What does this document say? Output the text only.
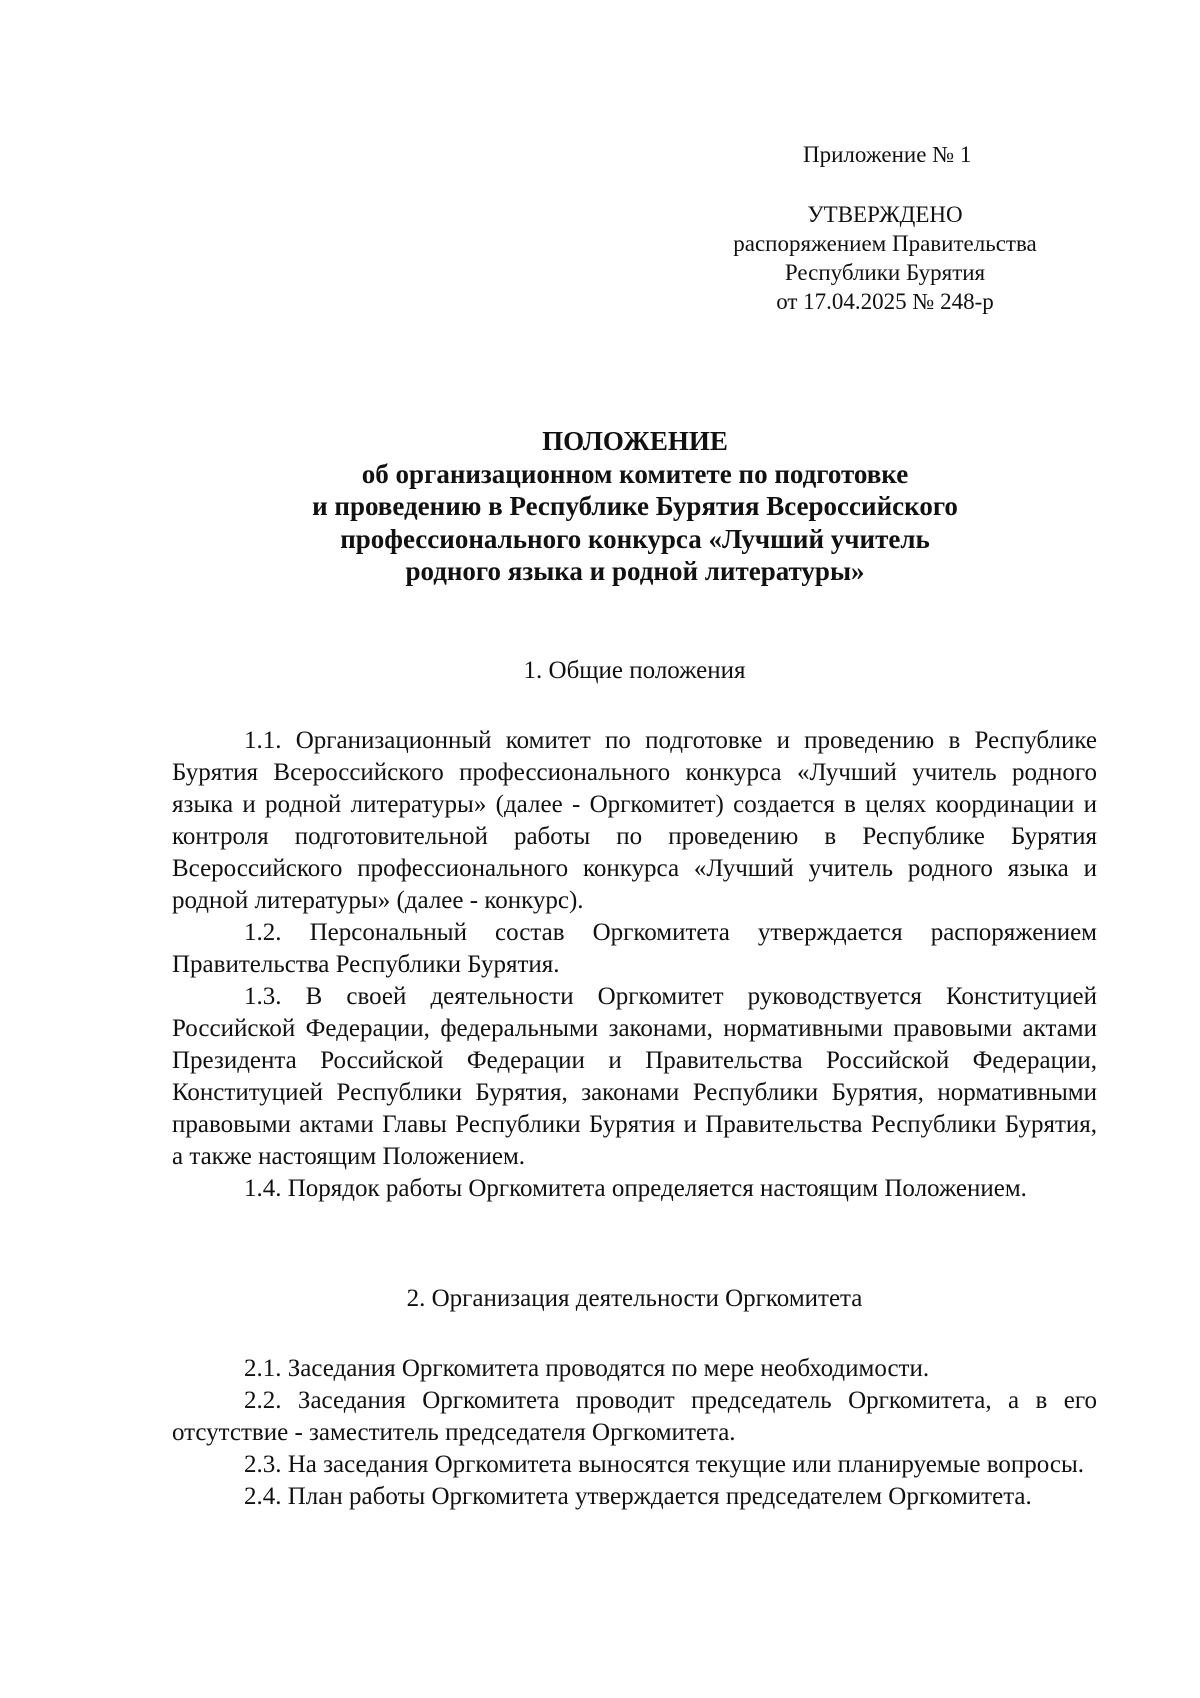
Приложение № 1
УТВЕРЖДЕНО
распоряжением Правительства
Республики Бурятия
от 17.04.2025 № 248-р
ПОЛОЖЕНИЕ
об организационном комитете по подготовке
и проведению в Республике Бурятия Всероссийского
профессионального конкурса «Лучший учитель
родного языка и родной литературы»
1. Общие положения

1.1. Организационный комитет по подготовке и проведению в Республике Бурятия Всероссийского профессионального конкурса «Лучший учитель родного языка и родной литературы» (далее - Оргкомитет) создается в целях координации и контроля подготовительной работы по проведению в Республике Бурятия Всероссийского профессионального конкурса «Лучший учитель родного языка и родной литературы» (далее - конкурс).

1.2. Персональный состав Оргкомитета утверждается распоряжением Правительства Республики Бурятия.

1.3. В своей деятельности Оргкомитет руководствуется Конституцией Российской Федерации, федеральными законами, нормативными правовыми актами Президента Российской Федерации и Правительства Российской Федерации, Конституцией Республики Бурятия, законами Республики Бурятия, нормативными правовыми актами Главы Республики Бурятия и Правительства Республики Бурятия, а также настоящим Положением.

1.4. Порядок работы Оргкомитета определяется настоящим Положением.

2. Организация деятельности Оргкомитета

2.1. Заседания Оргкомитета проводятся по мере необходимости.

2.2. Заседания Оргкомитета проводит председатель Оргкомитета, а в его отсутствие - заместитель председателя Оргкомитета.

2.3. На заседания Оргкомитета выносятся текущие или планируемые вопросы.

2.4. План работы Оргкомитета утверждается председателем Оргкомитета.
